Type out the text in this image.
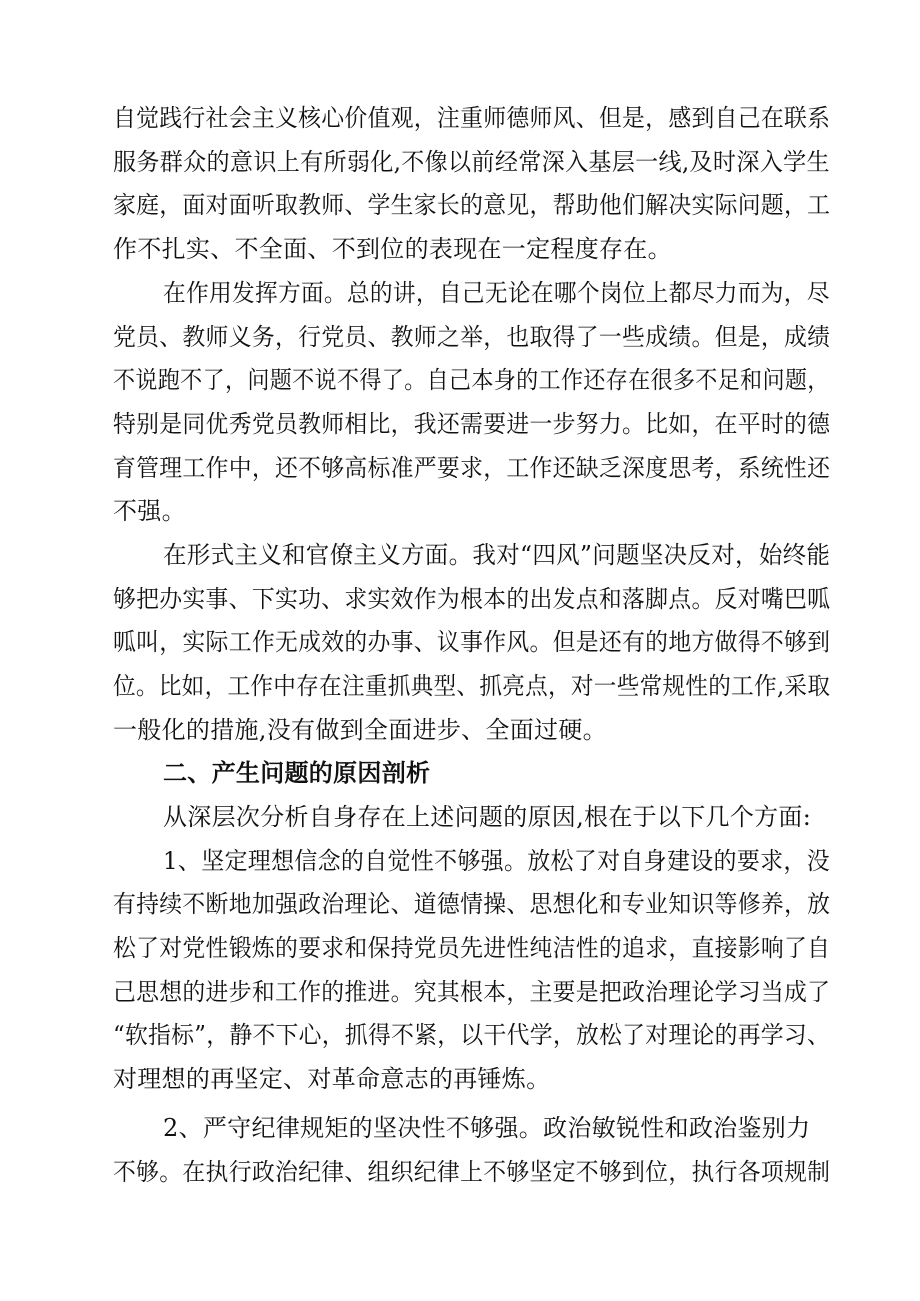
自觉践行社会主义核心价值观，注重师德师风、但是，感到自己在联系
服务群众的意识上有所弱化,不像以前经常深入基层一线,及时深入学生
家庭，面对面听取教师、学生家长的意见，帮助他们解决实际问题，工
作不扎实、不全面、不到位的表现在一定程度存在。
在作用发挥方面。总的讲，自己无论在哪个岗位上都尽力而为，尽
党员、教师义务，行党员、教师之举，也取得了一些成绩。但是，成绩
不说跑不了，问题不说不得了。自己本身的工作还存在很多不足和问题，
特别是同优秀党员教师相比，我还需要进一步努力。比如，在平时的德
育管理工作中，还不够高标准严要求，工作还缺乏深度思考，系统性还
不强。
在形式主义和官僚主义方面。我对“四风”问题坚决反对，始终能
够把办实事、下实功、求实效作为根本的出发点和落脚点。反对嘴巴呱
呱叫，实际工作无成效的办事、议事作风。但是还有的地方做得不够到
位。比如，工作中存在注重抓典型、抓亮点，对一些常规性的工作,采取
一般化的措施,没有做到全面进步、全面过硬。
二、产生问题的原因剖析
从深层次分析自身存在上述问题的原因,根在于以下几个方面:
1、坚定理想信念的自觉性不够强。放松了对自身建设的要求，没
有持续不断地加强政治理论、道德情操、思想化和专业知识等修养，放
松了对党性锻炼的要求和保持党员先进性纯洁性的追求，直接影响了自
己思想的进步和工作的推进。究其根本，主要是把政治理论学习当成了
“软指标”，静不下心，抓得不紧，以干代学，放松了对理论的再学习、
对理想的再坚定、对革命意志的再锤炼。
2、严守纪律规矩的坚决性不够强。政治敏锐性和政治鉴别力
不够。在执行政治纪律、组织纪律上不够坚定不够到位，执行各项规制
